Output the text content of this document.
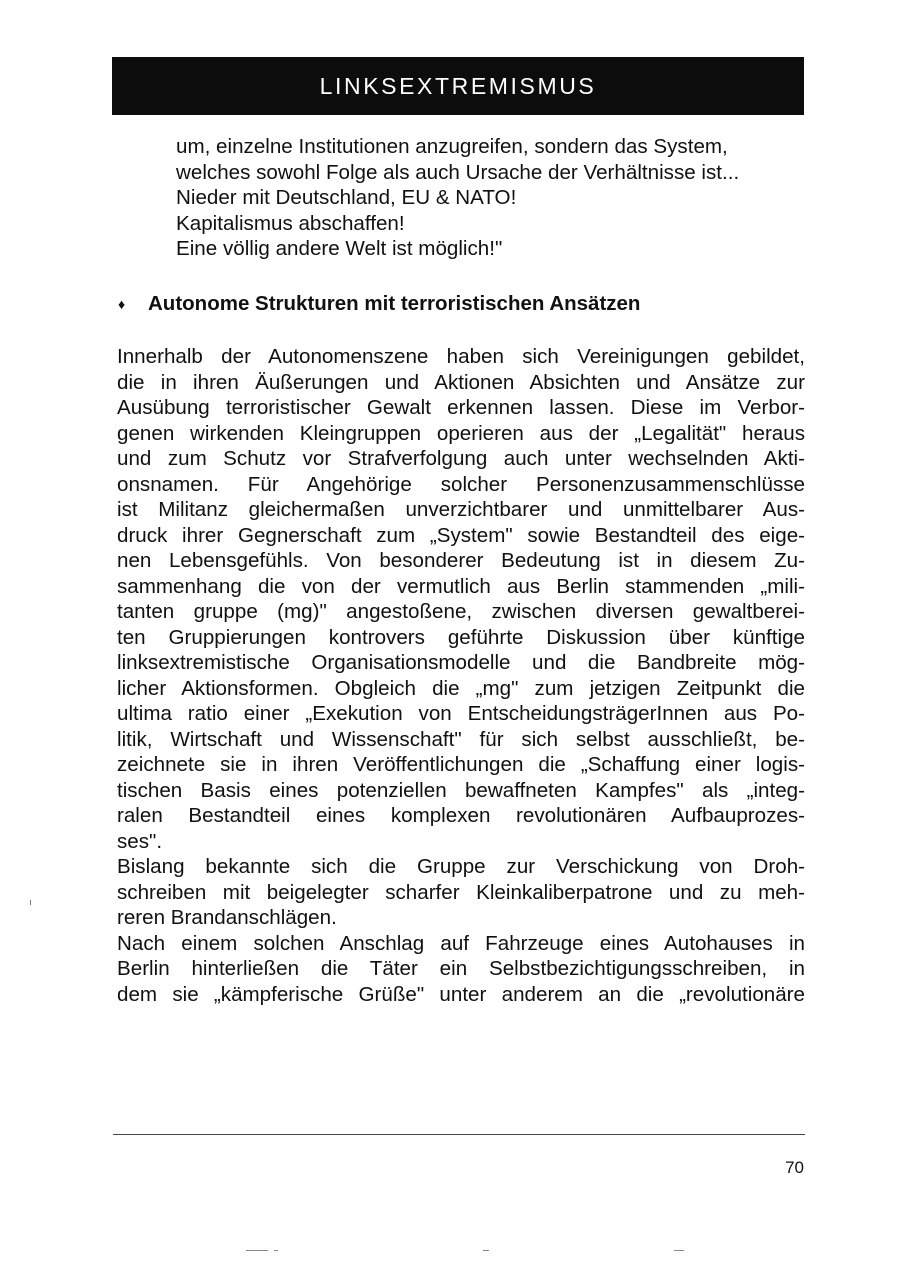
LINKSEXTREMISMUS
um, einzelne Institutionen anzugreifen, sondern das System,
welches sowohl Folge als auch Ursache der Verhältnisse ist...
Nieder mit Deutschland, EU & NATO!
Kapitalismus abschaffen!
Eine völlig andere Welt ist möglich!"
♦	Autonome Strukturen mit terroristischen Ansätzen
Innerhalb der Autonomenszene haben sich Vereinigungen gebildet,
die in ihren Äußerungen und Aktionen Absichten und Ansätze zur
Ausübung terroristischer Gewalt erkennen lassen. Diese im Verbor-
genen wirkenden Kleingruppen operieren aus der „Legalität" heraus
und zum Schutz vor Strafverfolgung auch unter wechselnden Akti-
onsnamen. Für Angehörige solcher Personenzusammenschlüsse
ist Militanz gleichermaßen unverzichtbarer und unmittelbarer Aus-
druck ihrer Gegnerschaft zum „System" sowie Bestandteil des eige-
nen Lebensgefühls. Von besonderer Bedeutung ist in diesem Zu-
sammenhang die von der vermutlich aus Berlin stammenden „mili-
tanten gruppe (mg)" angestoßene, zwischen diversen gewaltberei-
ten Gruppierungen kontrovers geführte Diskussion über künftige
linksextremistische Organisationsmodelle und die Bandbreite mög-
licher Aktionsformen. Obgleich die „mg" zum jetzigen Zeitpunkt die
ultima ratio einer „Exekution von EntscheidungsträgerInnen aus Po-
litik, Wirtschaft und Wissenschaft" für sich selbst ausschließt, be-
zeichnete sie in ihren Veröffentlichungen die „Schaffung einer logis-
tischen Basis eines potenziellen bewaffneten Kampfes" als „integ-
ralen Bestandteil eines komplexen revolutionären Aufbauprozes-
ses".
Bislang bekannte sich die Gruppe zur Verschickung von Droh-
schreiben mit beigelegter scharfer Kleinkaliberpatrone und zu meh-
reren Brandanschlägen.
Nach einem solchen Anschlag auf Fahrzeuge eines Autohauses in
Berlin hinterließen die Täter ein Selbstbezichtigungsschreiben, in
dem sie „kämpferische Grüße" unter anderem an die „revolutionäre
70
